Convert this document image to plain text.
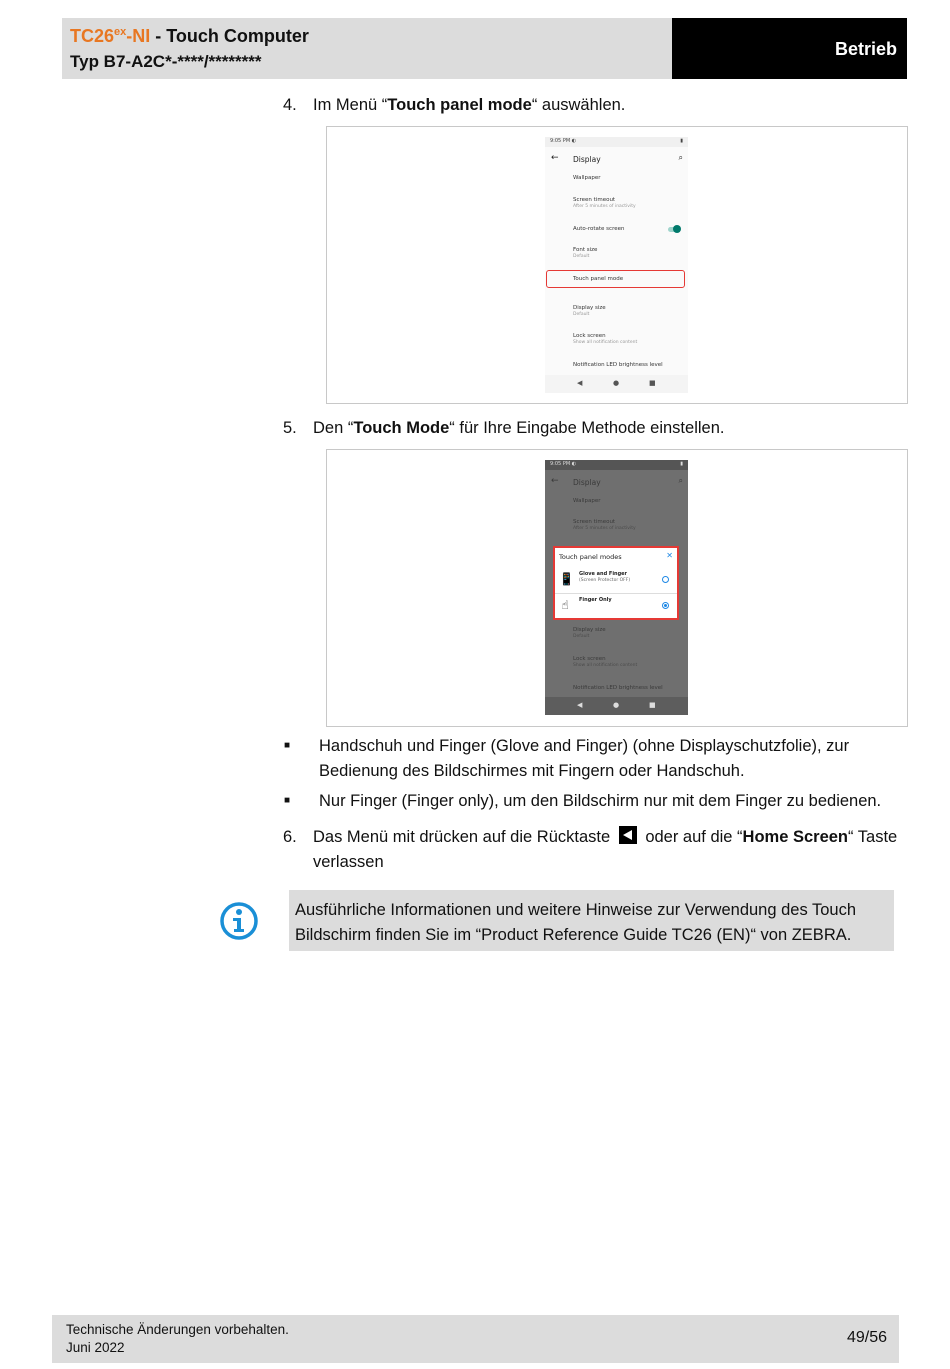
$TC26^{ex}-NI$ - Touch Computer
Typ B7-A2C*-****/********
Betrieb
4. Im Menü “Touch panel mode“ auswählen.
9:05 PM ◐	▮
← Display	⌕
Wallpaper
Screen timeout
After 5 minutes of inactivity
Auto-rotate screen
Font size
Default
Touch panel mode
Display size
Default
Lock screen
Show all notification content
Notification LED brightness level
◀	●	■
5. Den “Touch Mode“ für Ihre Eingabe Methode einstellen.
9:05 PM ◐	▮
← Display	⌕
Wallpaper
Screen timeout
After 5 minutes of inactivity
Touch panel modes	✕
📱 Glove and Finger
(Screen Protector OFF)
☝	Finger Only
Display size
Default
Lock screen
Show all notification content
Notification LED brightness level
◀	●	■
■ Handschuh und Finger (Glove and Finger) (ohne Displayschutzfolie), zur Bedienung des Bildschirmes mit Fingern oder Handschuh.
■ Nur Finger (Finger only), um den Bildschirm nur mit dem Finger zu bedienen.
6. Das Menü mit drücken auf die Rücktaste  oder auf die “Home Screen“ Taste
verlassen
Ausführliche Informationen und weitere Hinweise zur Verwendung des Touch Bildschirm finden Sie im “Product Reference Guide TC26 (EN)“ von ZEBRA.
Technische Änderungen vorbehalten.
Juni 2022
49/56
